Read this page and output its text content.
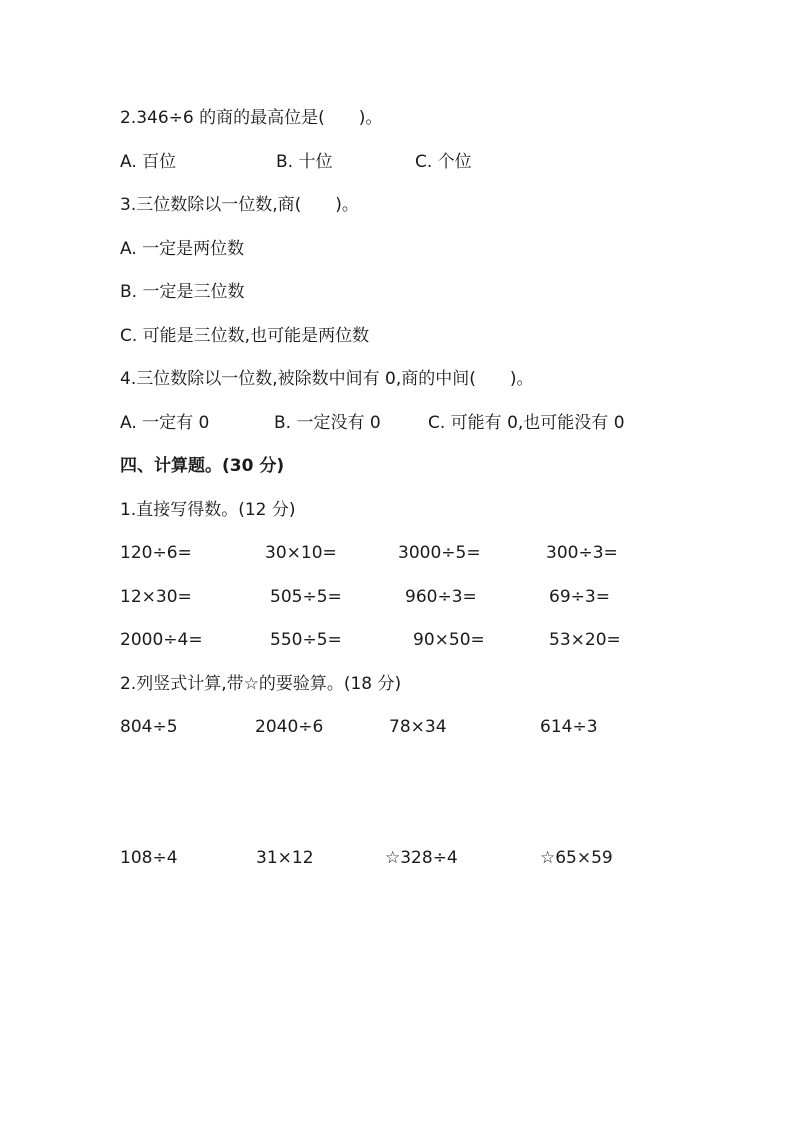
2.346÷6 的商的最高位是(　　)。
A. 百位	B. 十位	C. 个位
3.三位数除以一位数,商(　　)。
A. 一定是两位数
B. 一定是三位数
C. 可能是三位数,也可能是两位数
4.三位数除以一位数,被除数中间有 0,商的中间(　　)。
A. 一定有 0	B. 一定没有 0	C. 可能有 0,也可能没有 0
四、计算题。(30 分)
1.直接写得数。(12 分)
120÷6=	30×10=	3000÷5=	300÷3=
12×30=	505÷5=	960÷3=	69÷3=
2000÷4=	550÷5=	90×50=	53×20=
2.列竖式计算,带☆的要验算。(18 分)
804÷5	2040÷6	78×34	614÷3
108÷4	31×12	☆328÷4	☆65×59
